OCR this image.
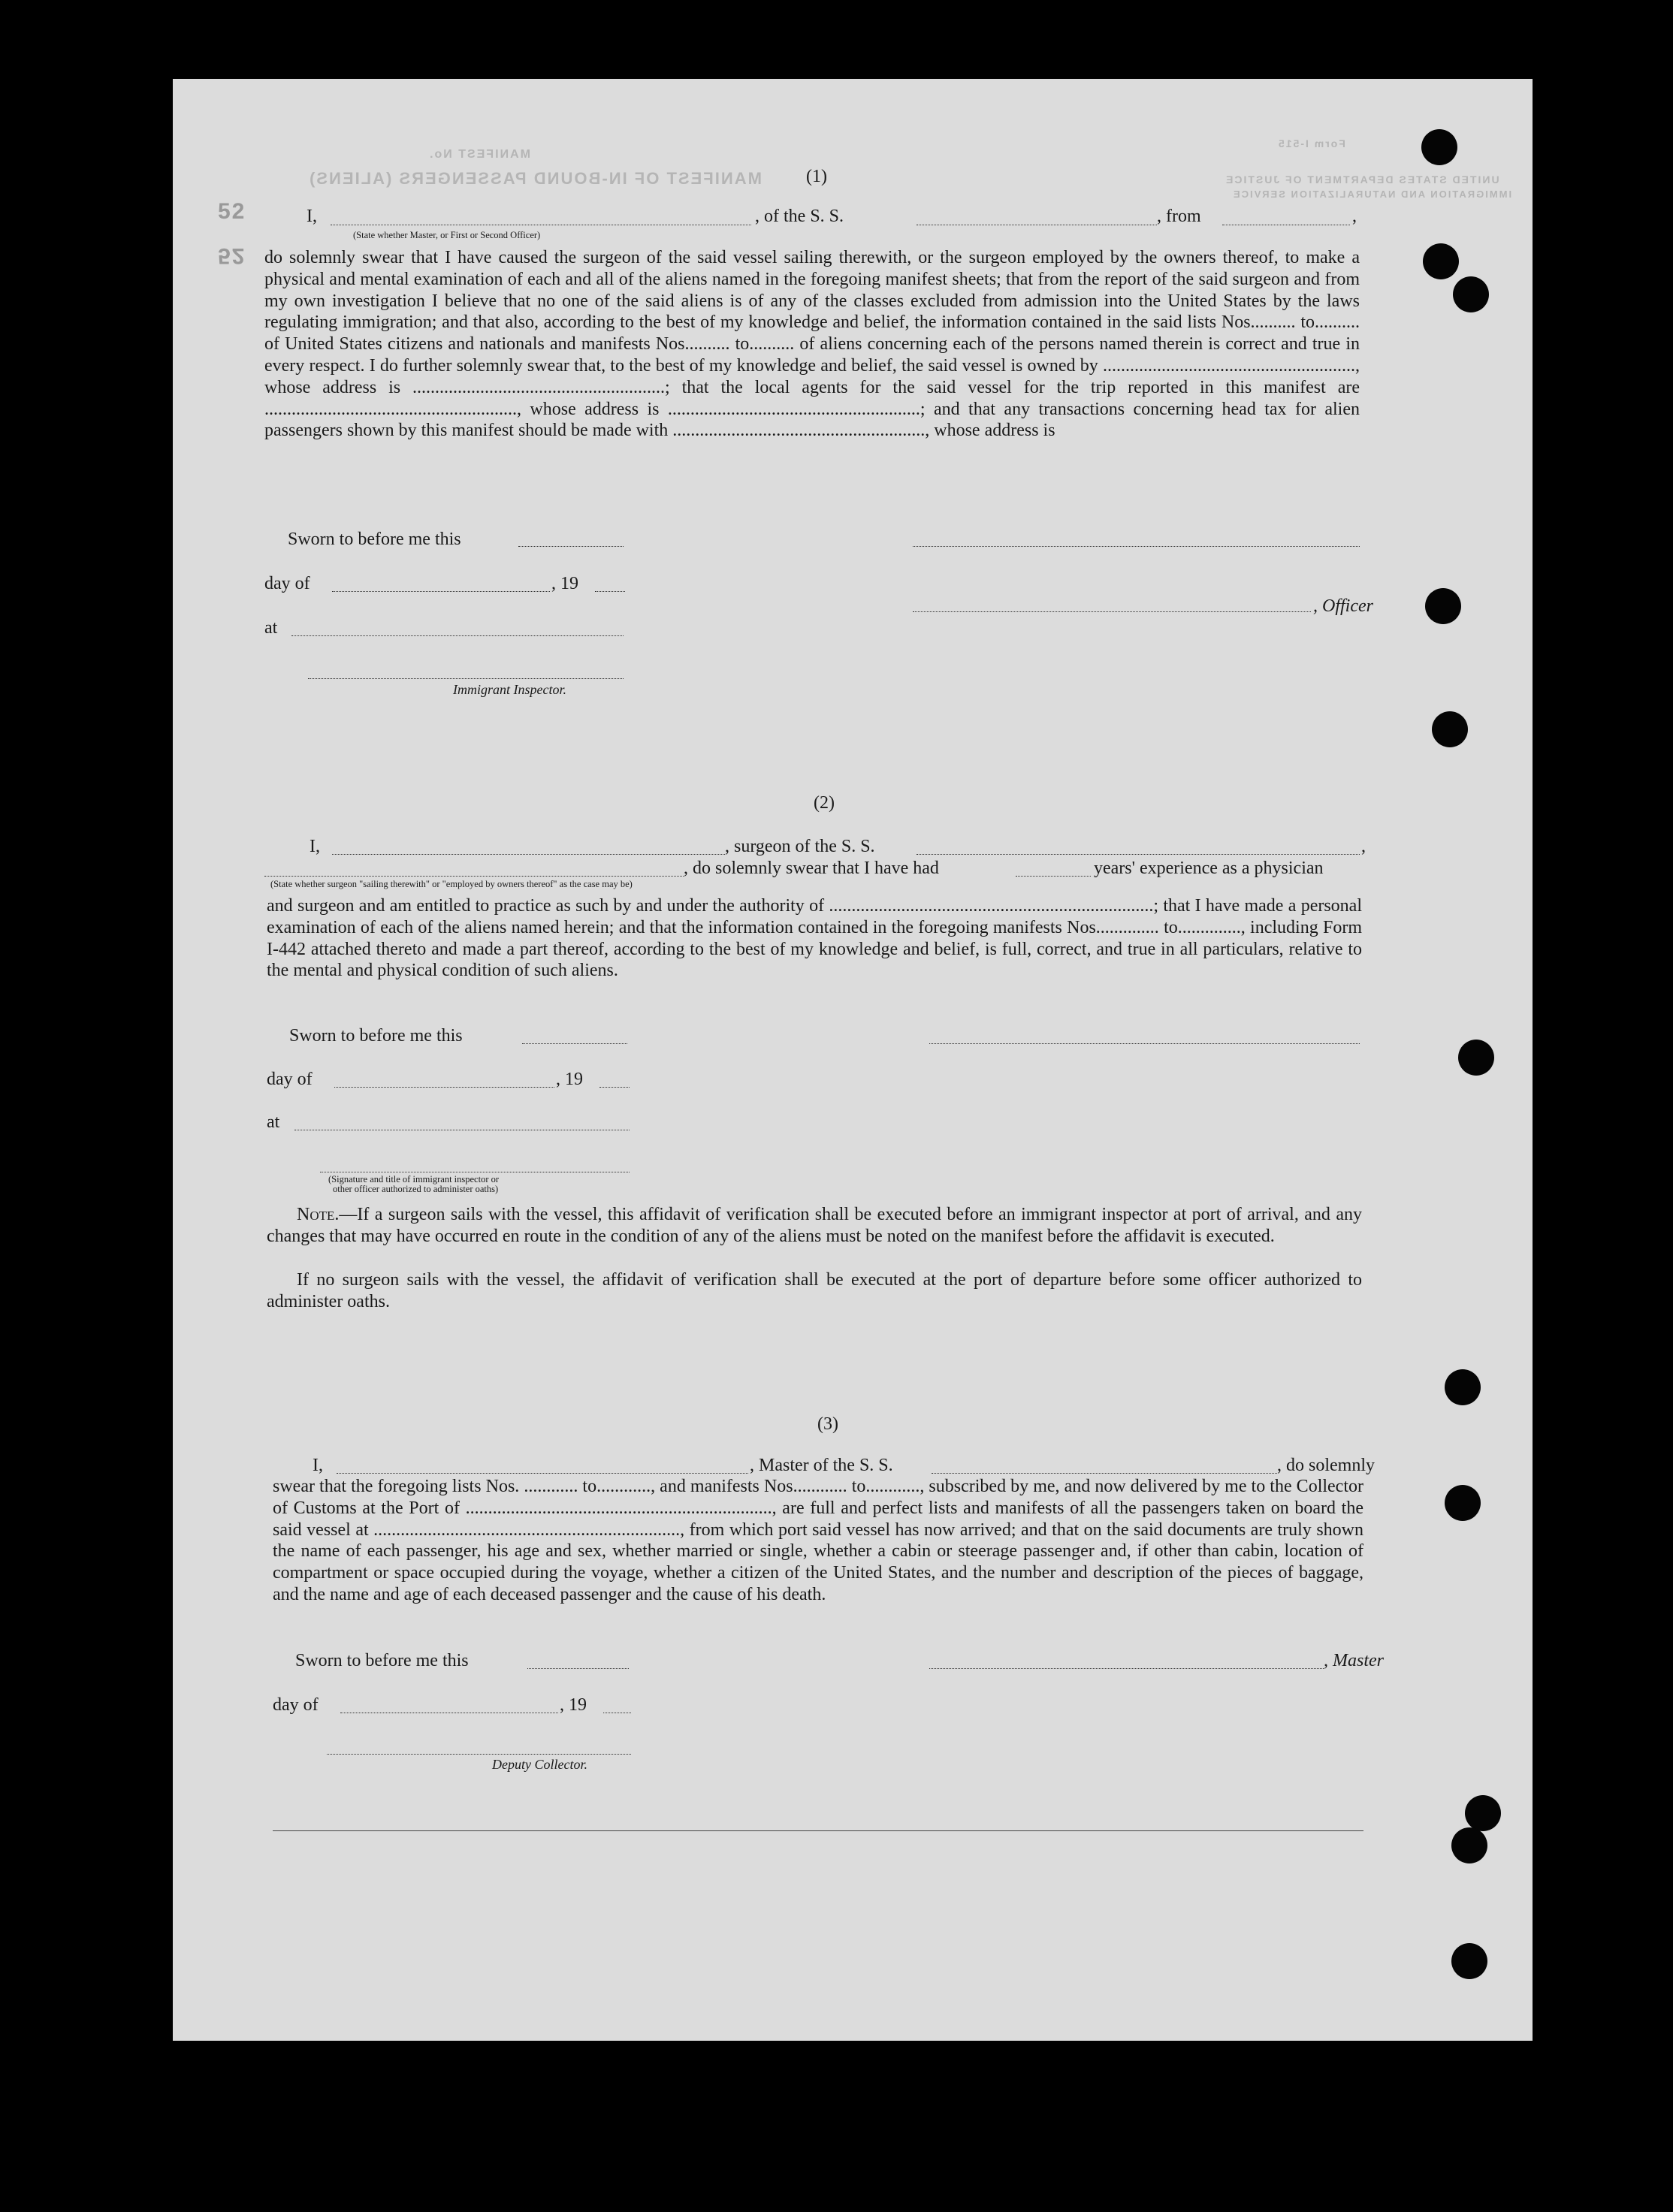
MANIFEST OF IN-BOUND PASSENGERS (ALIENS)
MANIFEST No.
Form I-515
UNITED STATES DEPARTMENT OF JUSTICE
IMMIGRATION AND NATURALIZATION SERVICE
52
52
(1)
I,	, of the S. S.	, from	,
(State whether Master, or First or Second Officer)
do solemnly swear that I have caused the surgeon of the said vessel sailing therewith, or the surgeon employed by the owners thereof, to make a physical and mental examination of each and all of the aliens named in the foregoing manifest sheets; that from the report of the said surgeon and from my own investigation I believe that no one of the said aliens is of any of the classes excluded from admission into the United States by the laws regulating immigration; and that also, according to the best of my knowledge and belief, the information contained in the said lists Nos.......... to.......... of United States citizens and nationals and manifests Nos.......... to.......... of aliens concerning each of the persons named therein is correct and true in every respect. I do further solemnly swear that, to the best of my knowledge and belief, the said vessel is owned by ........................................................, whose address is ........................................................; that the local agents for the said vessel for the trip reported in this manifest are ........................................................, whose address is ........................................................; and that any transactions concerning head tax for alien passengers shown by this manifest should be made with ........................................................, whose address is
Sworn to before me this
day of	, 19
, Officer
at
Immigrant Inspector.
(2)
I,	, surgeon of the S. S.	,
, do solemnly swear that I have had	years' experience as a physician
(State whether surgeon "sailing therewith" or "employed by owners thereof" as the case may be)
and surgeon and am entitled to practice as such by and under the authority of ........................................................................; that I have made a personal examination of each of the aliens named herein; and that the information contained in the foregoing manifests Nos.............. to.............., including Form I-442 attached thereto and made a part thereof, according to the best of my knowledge and belief, is full, correct, and true in all particulars, relative to the mental and physical condition of such aliens.
Sworn to before me this
day of	, 19
at
(Signature and title of immigrant inspector or
other officer authorized to administer oaths)
Note.—If a surgeon sails with the vessel, this affidavit of verification shall be executed before an immigrant inspector at port of arrival, and any changes that may have occurred en route in the condition of any of the aliens must be noted on the manifest before the affidavit is executed.
If no surgeon sails with the vessel, the affidavit of verification shall be executed at the port of departure before some officer authorized to administer oaths.
(3)
I,	, Master of the S. S.	, do solemnly
swear that the foregoing lists Nos. ............ to............, and manifests Nos............ to............, subscribed by me, and now delivered by me to the Collector of Customs at the Port of ...................................................................., are full and perfect lists and manifests of all the passengers taken on board the said vessel at ...................................................................., from which port said vessel has now arrived; and that on the said documents are truly shown the name of each passenger, his age and sex, whether married or single, whether a cabin or steerage passenger and, if other than cabin, location of compartment or space occupied during the voyage, whether a citizen of the United States, and the number and description of the pieces of baggage, and the name and age of each deceased passenger and the cause of his death.
Sworn to before me this	, Master
day of	, 19
Deputy Collector.
